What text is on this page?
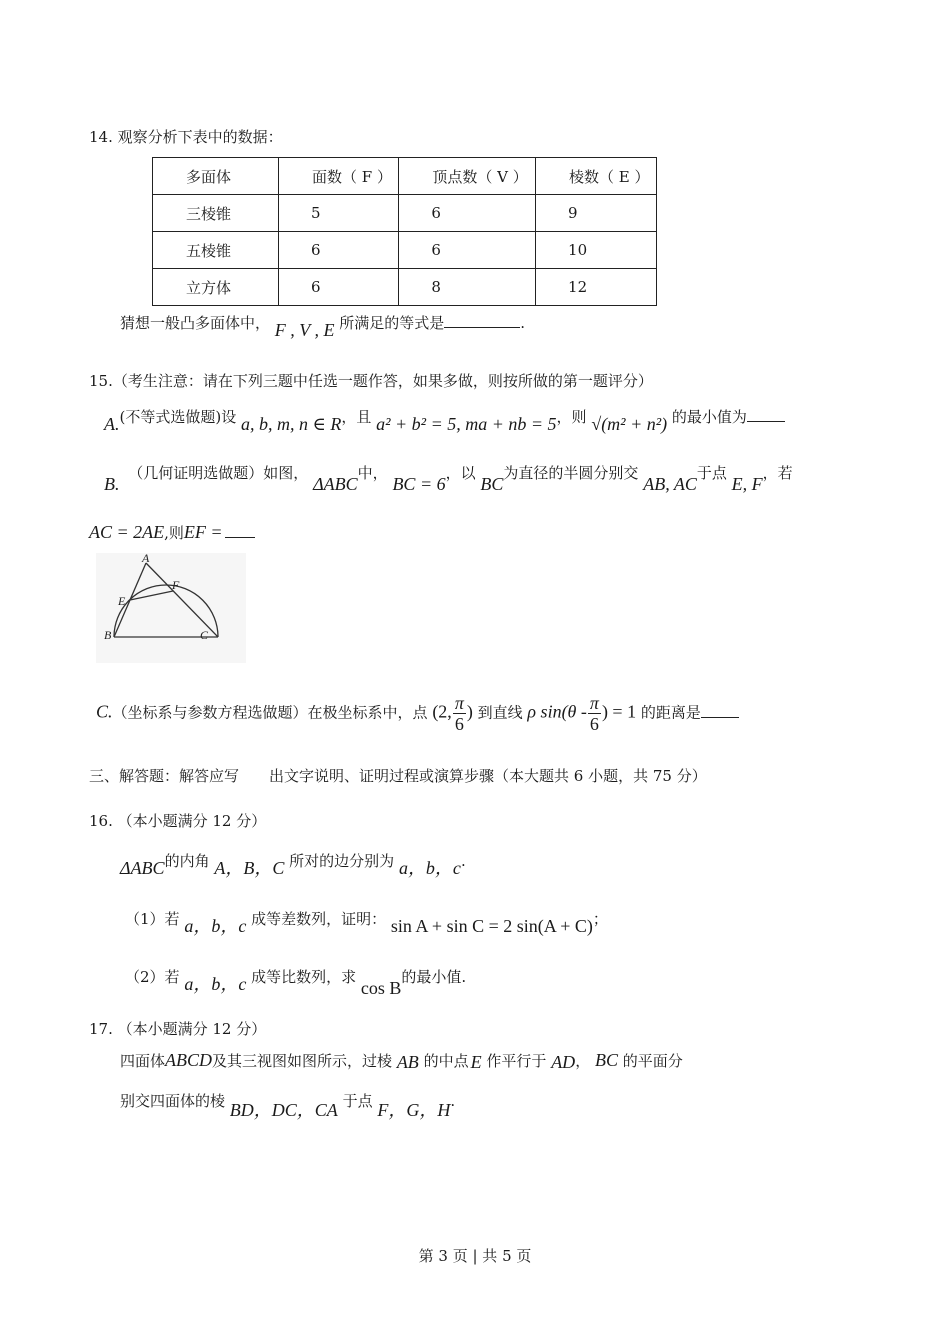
14. 观察分析下表中的数据：
多面体	面数（ F ）	顶点数（ V ）	棱数（ E ）
三棱锥	5	6	9
五棱锥	6	6	10
立方体	6	8	12
猜想一般凸多面体中， F , V , E 所满足的等式是	.
15.（考生注意：请在下列三题中任选一题作答，如果多做，则按所做的第一题评分）
A.(不等式选做题)设 a, b, m, n ∈ R，且 a² + b² = 5, ma + nb = 5，则 √(m² + n²) 的最小值为
B. （几何证明选做题）如图， ΔABC中， BC = 6，以 BC为直径的半圆分别交 AB, AC于点 E, F，若
AC = 2AE,则EF =
A
E
F
B	C
C.（坐标系与参数方程选做题）在极坐标系中，点 (2, $\frac{\pi}{6}$ ) 到直线 ρ $\sin(\theta - \frac{\pi}{6}$ ) = 1 的距离是
三、解答题：解答应写 出文字说明、证明过程或演算步骤（本大题共 6 小题，共 75 分）
16. （本小题满分 12 分）
ΔABC的内角 A，B，C 所对的边分别为 a，b，c.
（1）若 a，b，c 成等差数列，证明： sin A + sin C = 2 sin(A + C)；
（2）若 a，b，c 成等比数列，求 cos B的最小值.
17. （本小题满分 12 分）
四面体ABCD及其三视图如图所示，过棱 AB 的中点 E 作平行于 AD， BC 的平面分
别交四面体的棱 BD，DC，CA 于点 F，G，H.
第 3 页 | 共 5 页
